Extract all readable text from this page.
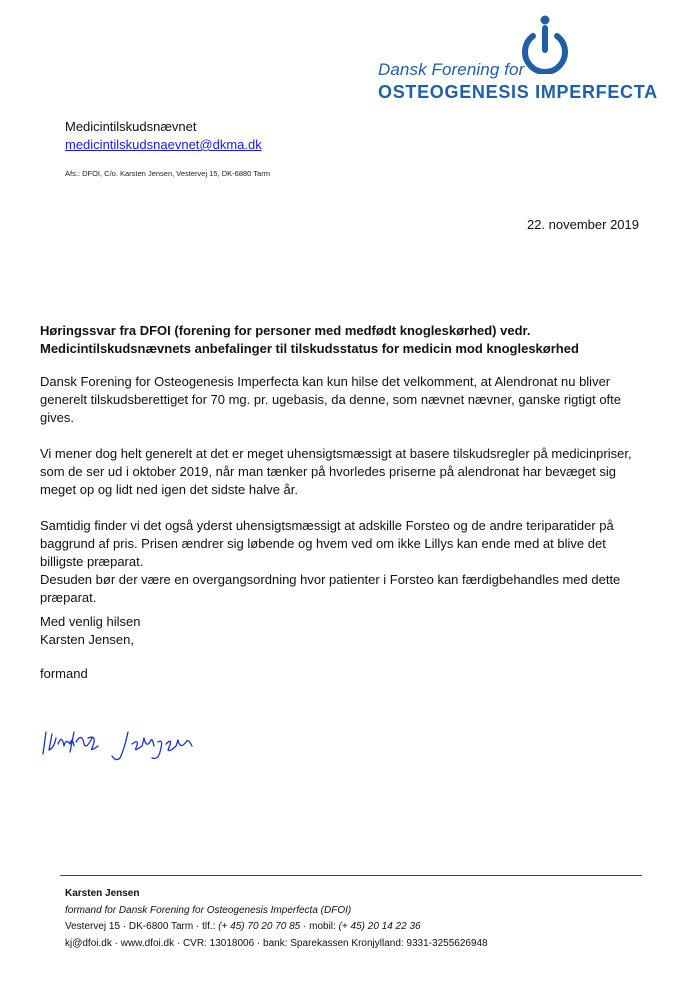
Dansk Forening for
OSTEOGENESIS IMPERFECTA
Medicintilskudsnævnet
medicintilskudsnaevnet@dkma.dk
Afs.: DFOI, C/o. Karsten Jensen, Vestervej 15, DK-6880 Tarm
22. november 2019
Høringssvar fra DFOI (forening for personer med medfødt knogleskørhed) vedr.
Medicintilskudsnævnets anbefalinger til tilskudsstatus for medicin mod knogleskørhed

Dansk Forening for Osteogenesis Imperfecta kan kun hilse det velkomment, at Alendronat nu bliver generelt tilskudsberettiget for 70 mg. pr. ugebasis, da denne, som nævnet nævner, ganske rigtigt ofte gives.

Vi mener dog helt generelt at det er meget uhensigtsmæssigt at basere tilskudsregler på medicinpriser, som de ser ud i oktober 2019, når man tænker på hvorledes priserne på alendronat har bevæget sig meget op og lidt ned igen det sidste halve år.

Samtidig finder vi det også yderst uhensigtsmæssigt at adskille Forsteo og de andre teriparatider på baggrund af pris. Prisen ændrer sig løbende og hvem ved om ikke Lillys kan ende med at blive det billigste præparat.

Desuden bør der være en overgangsordning hvor patienter i Forsteo kan færdigbehandles med dette præparat.

Med venlig hilsen
Karsten Jensen,
formand
Karsten Jensen
formand for Dansk Forening for Osteogenesis Imperfecta (DFOI)
Vestervej 15 · DK-6800 Tarm · tlf.: (+ 45) 70 20 70 85 · mobil: (+ 45) 20 14 22 36
kj@dfoi.dk · www.dfoi.dk · CVR: 13018006 · bank: Sparekassen Kronjylland: 9331-3255626948
